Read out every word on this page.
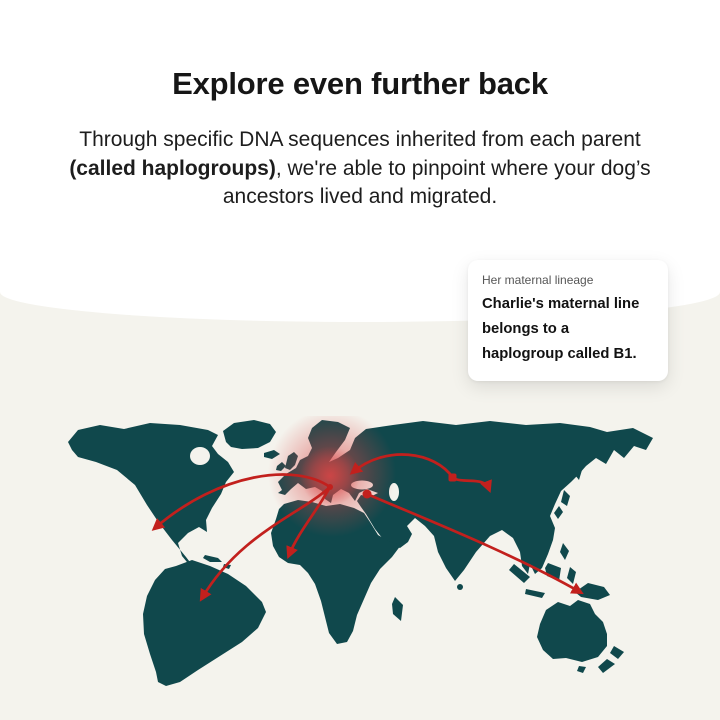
Explore even further back

Through specific DNA sequences inherited from each parent (called haplogroups), we're able to pinpoint where your dog’s ancestors lived and migrated.

Her maternal lineage
Charlie's maternal line belongs to a haplogroup called B1.
